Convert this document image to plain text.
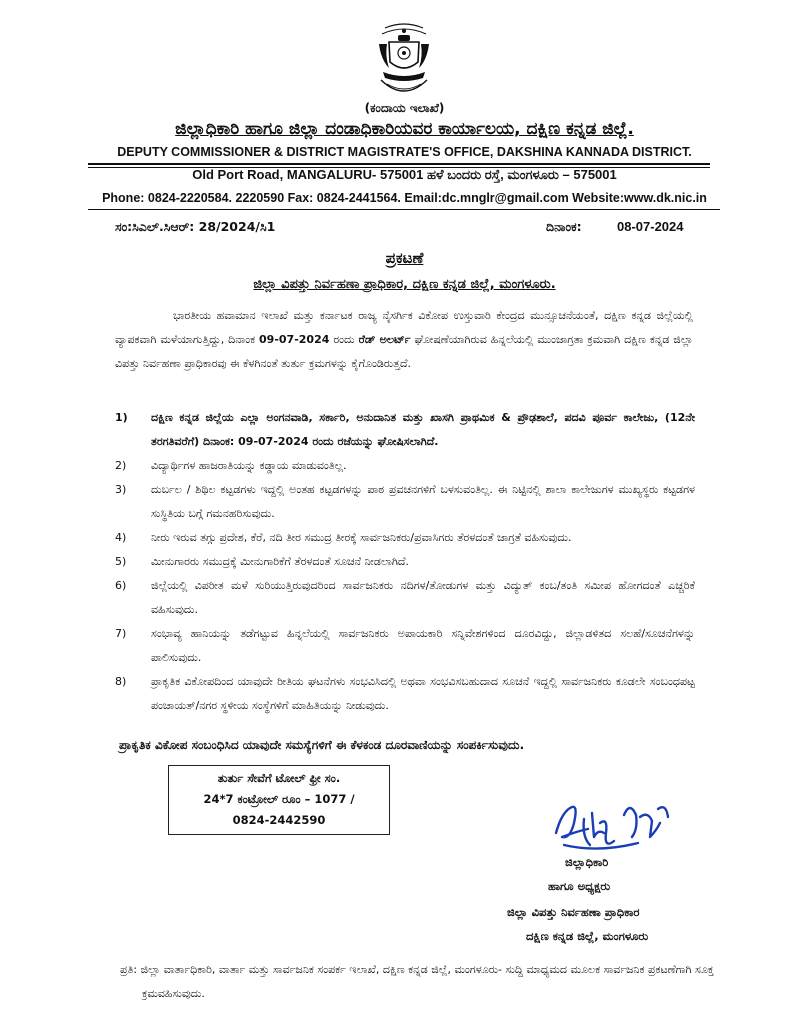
(ಕಂದಾಯ ಇಲಾಖೆ)
ಜಿಲ್ಲಾಧಿಕಾರಿ ಹಾಗೂ ಜಿಲ್ಲಾ ದಂಡಾಧಿಕಾರಿಯವರ ಕಾರ್ಯಾಲಯ, ದಕ್ಷಿಣ ಕನ್ನಡ ಜಿಲ್ಲೆ.
DEPUTY COMMISSIONER & DISTRICT MAGISTRATE'S OFFICE, DAKSHINA KANNADA DISTRICT.
Old Port Road, MANGALURU- 575001 ಹಳೆ ಬಂದರು ರಸ್ತೆ, ಮಂಗಳೂರು – 575001
Phone: 0824-2220584. 2220590 Fax: 0824-2441564. Email:dc.mnglr@gmail.com Website:www.dk.nic.in
ಸಂ:ಸಿಎಲ್.ಸಿಆರ್: 28/2024/ಸಿ1	ದಿನಾಂಕ:	08-07-2024
ಪ್ರಕಟಣೆ
ಜಿಲ್ಲಾ ವಿಪತ್ತು ನಿರ್ವಹಣಾ ಪ್ರಾಧಿಕಾರ, ದಕ್ಷಿಣ ಕನ್ನಡ ಜಿಲ್ಲೆ, ಮಂಗಳೂರು.

ಭಾರತೀಯ ಹವಾಮಾನ ಇಲಾಖೆ ಮತ್ತು ಕರ್ನಾಟಕ ರಾಜ್ಯ ನೈಸರ್ಗಿಕ ವಿಕೋಪ ಉಸ್ತುವಾರಿ ಕೇಂದ್ರದ ಮುನ್ಸೂಚನೆಯಂತೆ, ದಕ್ಷಿಣ ಕನ್ನಡ ಜಿಲ್ಲೆಯಲ್ಲಿ ವ್ಯಾಪಕವಾಗಿ ಮಳೆಯಾಗುತ್ತಿದ್ದು, ದಿನಾಂಕ 09-07-2024 ರಂದು ರೆಡ್ ಅಲರ್ಟ್ ಘೋಷಣೆಯಾಗಿರುವ ಹಿನ್ನಲೆಯಲ್ಲಿ ಮುಂಜಾಗ್ರತಾ ಕ್ರಮವಾಗಿ ದಕ್ಷಿಣ ಕನ್ನಡ ಜಿಲ್ಲಾ ವಿಪತ್ತು ನಿರ್ವಹಣಾ ಪ್ರಾಧಿಕಾರವು ಈ ಕೆಳಗಿನಂತೆ ತುರ್ತು ಕ್ರಮಗಳನ್ನು ಕೈಗೊಂಡಿರುತ್ತದೆ.

1) ದಕ್ಷಿಣ ಕನ್ನಡ ಜಿಲ್ಲೆಯ ಎಲ್ಲಾ ಅಂಗನವಾಡಿ, ಸರ್ಕಾರಿ, ಅನುದಾನಿತ ಮತ್ತು ಖಾಸಗಿ ಪ್ರಾಥಮಿಕ & ಪ್ರೌಢಶಾಲೆ, ಪದವಿ ಪೂರ್ವ ಕಾಲೇಜು, (12ನೇ ತರಗತಿವರೆಗೆ) ದಿನಾಂಕ: 09-07-2024 ರಂದು ರಜೆಯನ್ನು ಘೋಷಿಸಲಾಗಿದೆ.
2) ವಿದ್ಯಾರ್ಥಿಗಳ ಹಾಜರಾತಿಯನ್ನು ಕಡ್ಡಾಯ ಮಾಡುವಂತಿಲ್ಲ.
3) ದುರ್ಬಲ / ಶಿಥಿಲ ಕಟ್ಟಡಗಳು ಇದ್ದಲ್ಲಿ ಅಂತಹ ಕಟ್ಟಡಗಳನ್ನು ಪಾಠ ಪ್ರವಚನಗಳಿಗೆ ಬಳಸುವಂತಿಲ್ಲ. ಈ ನಿಟ್ಟಿನಲ್ಲಿ ಶಾಲಾ ಕಾಲೇಜುಗಳ ಮುಖ್ಯಸ್ಥರು ಕಟ್ಟಡಗಳ ಸುಸ್ಥಿತಿಯ ಬಗ್ಗೆ ಗಮನಹರಿಸುವುದು.
4) ನೀರು ಇರುವ ತಗ್ಗು ಪ್ರದೇಶ, ಕೆರೆ, ನದಿ ತೀರ ಸಮುದ್ರ ತೀರಕ್ಕೆ ಸಾರ್ವಜನಿಕರು/ಪ್ರವಾಸಿಗರು ತೆರಳದಂತೆ ಜಾಗ್ರತೆ ವಹಿಸುವುದು.
5) ಮೀನುಗಾರರು ಸಮುದ್ರಕ್ಕೆ ಮೀನುಗಾರಿಕೆಗೆ ತೆರಳದಂತೆ ಸೂಚನೆ ನೀಡಲಾಗಿದೆ.
6) ಜಿಲ್ಲೆಯಲ್ಲಿ ವಿಪರೀತ ಮಳೆ ಸುರಿಯುತ್ತಿರುವುದರಿಂದ ಸಾರ್ವಜನಿಕರು ನದಿಗಳ/ತೋಡುಗಳ ಮತ್ತು ವಿದ್ಯುತ್ ಕಂಬ/ತಂತಿ ಸಮೀಪ ಹೋಗದಂತೆ ಎಚ್ಚರಿಕೆ ವಹಿಸುವುದು.
7) ಸಂಭಾವ್ಯ ಹಾನಿಯನ್ನು ತಡೆಗಟ್ಟುವ ಹಿನ್ನಲೆಯಲ್ಲಿ ಸಾರ್ವಜನಿಕರು ಅಪಾಯಕಾರಿ ಸನ್ನಿವೇಶಗಳಿಂದ ದೂರವಿದ್ದು, ಜಿಲ್ಲಾಡಳಿತದ ಸಲಹೆ/ಸೂಚನೆಗಳನ್ನು ಪಾಲಿಸುವುದು.
8) ಪ್ರಾಕೃತಿಕ ವಿಕೋಪದಿಂದ ಯಾವುದೇ ರೀತಿಯ ಘಟನೆಗಳು ಸಂಭವಿಸಿದಲ್ಲಿ ಅಥವಾ ಸಂಭವಿಸಬಹುದಾದ ಸೂಚನೆ ಇದ್ದಲ್ಲಿ ಸಾರ್ವಜನಿಕರು ಕೂಡಲೇ ಸಂಬಂಧಪಟ್ಟ ಪಂಚಾಯತ್/ನಗರ ಸ್ಥಳೀಯ ಸಂಸ್ಥೆಗಳಿಗೆ ಮಾಹಿತಿಯನ್ನು ನೀಡುವುದು.
ಪ್ರಾಕೃತಿಕ ವಿಕೋಪ ಸಂಬಂಧಿಸಿದ ಯಾವುದೇ ಸಮಸ್ಯೆಗಳಿಗೆ ಈ ಕೆಳಕಂಡ ದೂರವಾಣಿಯನ್ನು ಸಂಪರ್ಕಿಸುವುದು.
ತುರ್ತು ಸೇವೆಗೆ ಟೋಲ್ ಫ್ರೀ ಸಂ.
24*7 ಕಂಟ್ರೋಲ್ ರೂಂ – 1077 /
0824-2442590
ಜಿಲ್ಲಾಧಿಕಾರಿ
ಹಾಗೂ ಅಧ್ಯಕ್ಷರು
ಜಿಲ್ಲಾ ವಿಪತ್ತು ನಿರ್ವಹಣಾ ಪ್ರಾಧಿಕಾರ
ದಕ್ಷಿಣ ಕನ್ನಡ ಜಿಲ್ಲೆ, ಮಂಗಳೂರು

ಪ್ರತಿ: ಜಿಲ್ಲಾ ವಾರ್ತಾಧಿಕಾರಿ, ವಾರ್ತಾ ಮತ್ತು ಸಾರ್ವಜನಿಕ ಸಂಪರ್ಕ ಇಲಾಖೆ, ದಕ್ಷಿಣ ಕನ್ನಡ ಜಿಲ್ಲೆ, ಮಂಗಳೂರು- ಸುದ್ದಿ ಮಾಧ್ಯಮದ ಮೂಲಕ ಸಾರ್ವಜನಿಕ ಪ್ರಕಟಣೆಗಾಗಿ ಸೂಕ್ತ ಕ್ರಮವಹಿಸುವುದು.
